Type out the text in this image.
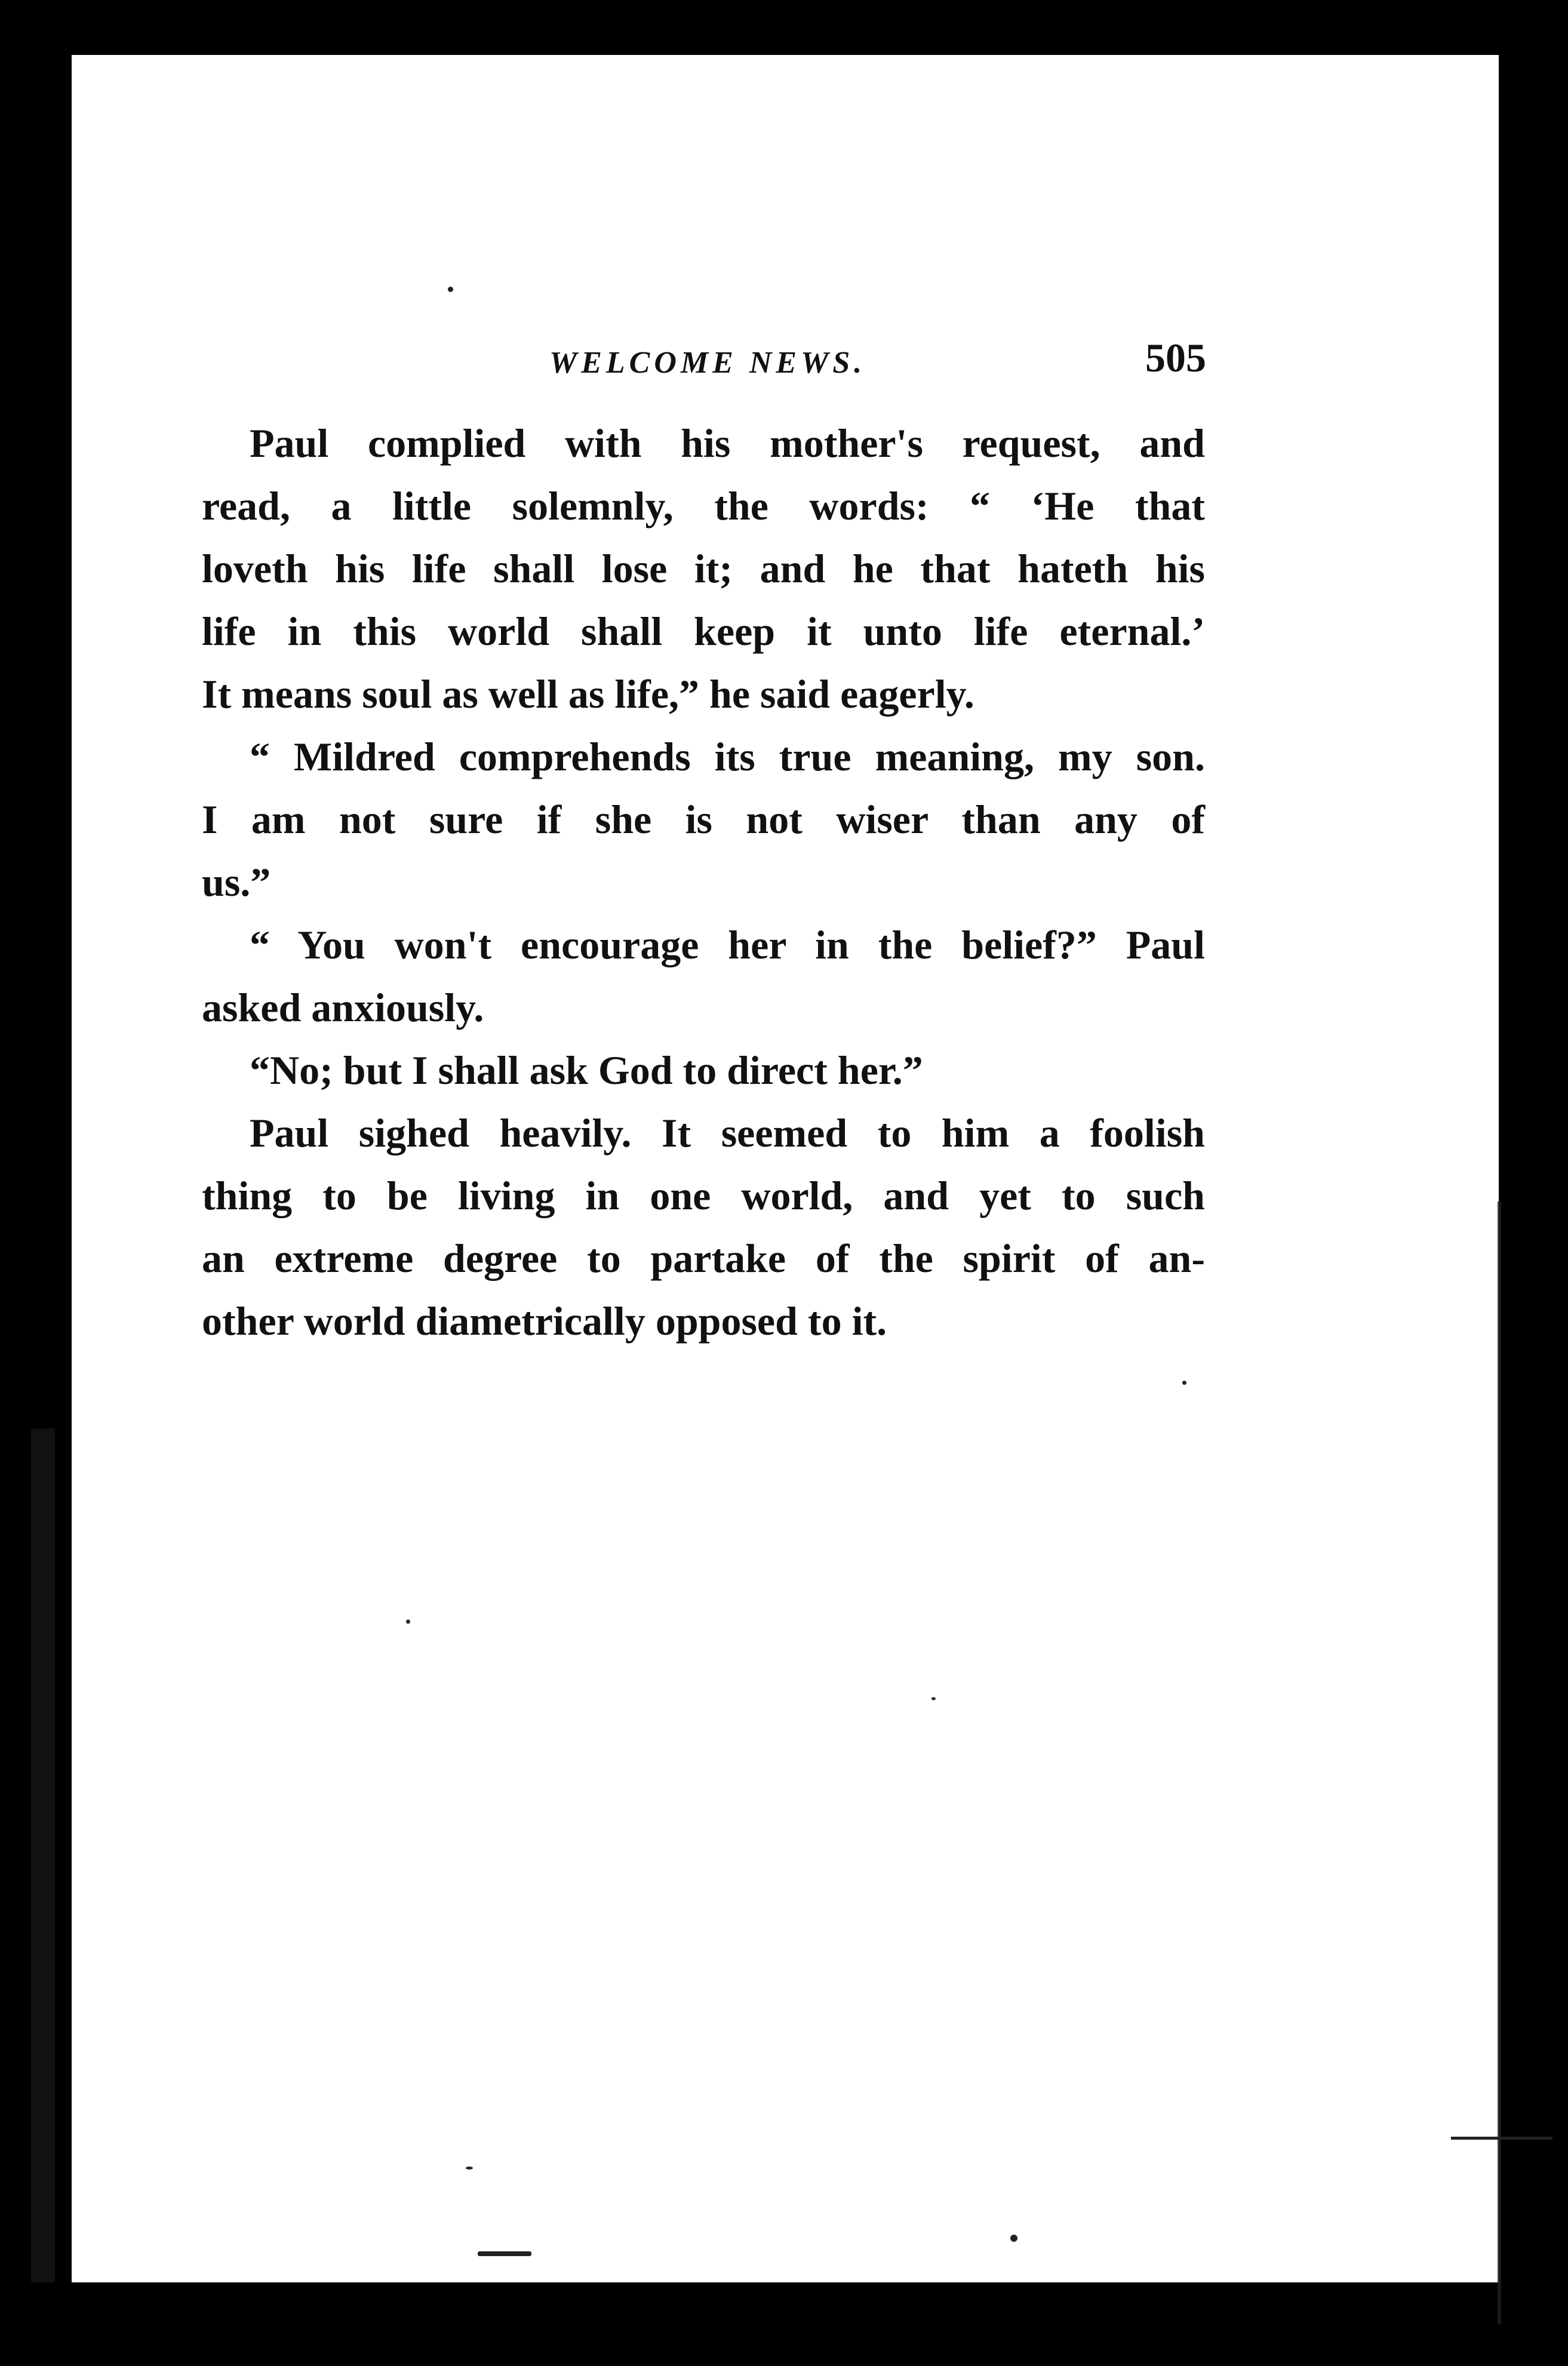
WELCOME NEWS.	505
Paul complied with his mother's request, and
read, a little solemnly, the words: “ ‘He that
loveth his life shall lose it; and he that hateth his
life in this world shall keep it unto life eternal.’
It means soul as well as life,” he said eagerly.
“ Mildred comprehends its true meaning, my son.
I am not sure if she is not wiser than any of
us.”
“ You won't encourage her in the belief?” Paul
asked anxiously.
“No; but I shall ask God to direct her.”
Paul sighed heavily. It seemed to him a foolish
thing to be living in one world, and yet to such
an extreme degree to partake of the spirit of an-
other world diametrically opposed to it.
